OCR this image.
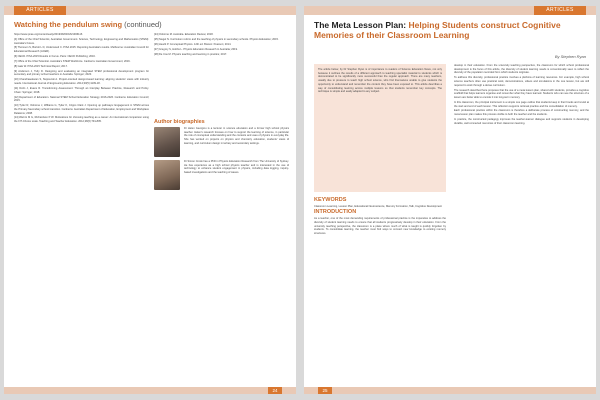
ARTICLES
Watching the pendulum swing (continued)

https://www.pnas.org/content/early/2019/09/03/1821936116

[4] Office of the Chief Scientist, Australian Government. Science, Technology, Engineering and Mathematics (STEM): Australia's Future.

[5] Thomson S, Bortoli L D, Underwood C. PISA 2015: Reporting Australia's results. Melbourne: Australian Council for Educational Research (ACER).

[6] OECD. PISA 2015 Results in Focus. Paris: OECD Publishing; 2016.

[7] Office of the Chief Scientist. Australia's STEM Workforce. Canberra: Australian Government; 2016.

[8] Gale W. PISA 2015 Technical Report; 2017.

[9] Anderson J, Tully D. Designing and evaluating an integrated STEM professional development program for secondary and primary school teachers in Australia. Springer; 2020.

[10] Chandrasekaran S, Stojcevski A. Project-oriented design-based learning: aligning students' views with industry needs. International Journal of Engineering Education. 2014;30(5):1109-18.

[11] Dolin J, Evans R. Transforming Assessment: Through an Interplay Between Practice, Research and Policy. Cham: Springer; 2018.

[12] Department of Education. National STEM School Education Strategy 2016-2026. Canberra: Education Council; 2015.

[13] Tytler R, Osborne J, Williams G, Tytler K, Cripps Clark J. Opening up pathways: Engagement in STEM across the Primary-Secondary school transition. Canberra: Australian Department of Education, Employment and Workplace Relations; 2008.

[14] Watt H M G, Richardson P W. Motivations for choosing teaching as a career: An international comparison using the FIT-Choice scale. Teaching and Teacher Education. 2012;28(6):791-805.

[24] Osborne M. Australia. Education Review; 2018.

[25] Siegel N. Curriculum reform and the teaching of physics in secondary schools. Physics Education; 2015.

[26] Hewitt P. Conceptual Physics. 12th ed. Boston: Pearson; 2014.

[27] Gregory S, Hobbs L. Physics Education Research in Australia; 2019.

[28] De Cou M. Physics teaching and learning in practice; 2017.

Author biographies
Dr Helen Georgiou is a lecturer in science education and a former high school physics teacher. Helen's research focuses on how to support the learning of science, in particular the role of conceptual understanding and the contexts and uses of physics in everyday life. She has worked on projects on physics and chemistry education, students' views of learning, and curriculum design in tertiary and secondary settings.
Dr Simon Crook has a PhD in Physics Education Research from The University of Sydney. He has experience as a high school physics teacher and is interested in the use of technology to enhance student engagement in physics, including data logging, inquiry-based investigations and the teaching of waves.
24
ARTICLES
The Meta Lesson Plan: Helping Students construct Cognitive Memories of their Classroom Learning
By Stephen Ryan
The article below, by Dr Stephen Ryan is of importance to readers of Science Education News, not only because it outlines the results of a different approach to teaching specialist material to students which is demonstrated to be significantly more successful than the regular approach. There are many teachers, usually due to pressure to teach high school science, who find themselves unable to give students the opportunity to understand and remember the content they have been exposed to. This article describes a way of consolidating learning across multiple lessons so that students remember key concepts. The technique is simple and easily adapted to any subject.
KEYWORDS

Classroom Learning, Lesson Plan, Educational Neuroscience, Memory Formation, Talk, Cognitive Development

INTRODUCTION

As a teacher, one of the most demanding requirements of professional practice is the imperative to address the diversity of student learning needs to ensure that all students progressively develop in their education. From the university teaching perspective, the classroom is a place where much of what is taught is quickly forgotten by students. To consolidate learning, the teacher must find ways to connect new knowledge to existing memory structures.

develop in their education. From the university teaching perspective, the classroom for which school professional development is the focus of this article, the diversity of student learning needs is conventionally seen to reflect the diversity of the population recorded from which students originate.

To address this diversity, professional practice involves a plethora of learning resources. For example, high school science teachers often use practical work, demonstrations, videos and simulations in the one lesson, but are still required to work through a dense curriculum.

The research described here proposes that the use of a meta lesson plan, shared with students, provides a cognitive scaffold that helps learners organise and remember what they have learned. Students who can see the structure of a lesson are better able to encode it into long-term memory.

In this classroom, the principal instrument is a simple one page outline that students keep in their books and revisit at the start and end of each lesson. This reflection supports retrieval practice and the consolidation of memory.

Each professional practice within the classroom is therefore a deliberate process of constructing memory, and the meta lesson plan makes this process visible to both the teacher and the students.

In practice, the constructed pedagogy improves the teacher-learner dialogue and supports students in developing durable, well connected memories of their classroom learning.

25
